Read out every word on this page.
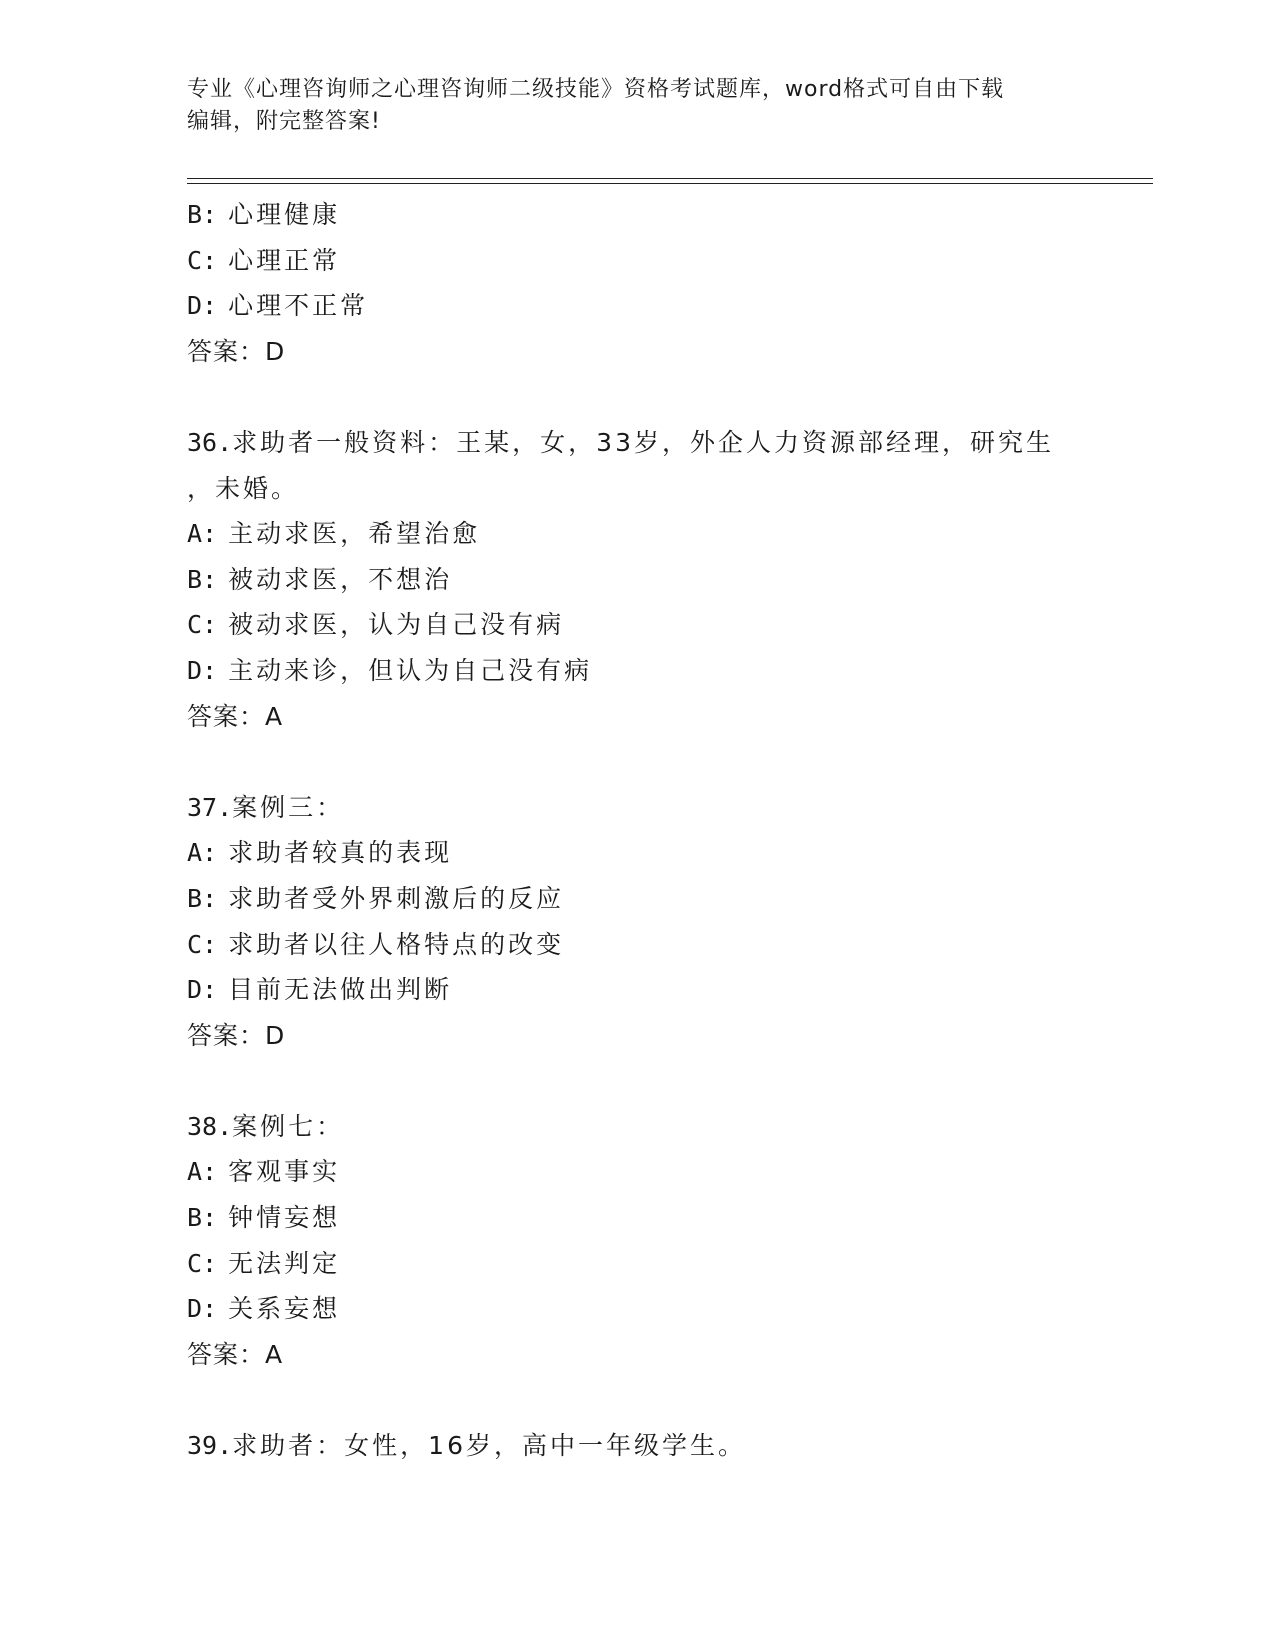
专业《心理咨询师之心理咨询师二级技能》资格考试题库，word格式可自由下载
编辑，附完整答案!
B: 心理健康
C: 心理正常
D: 心理不正常
答案：D
36.求助者一般资料：王某，女，33岁，外企人力资源部经理，研究生
，未婚。
A: 主动求医，希望治愈
B: 被动求医，不想治
C: 被动求医，认为自己没有病
D: 主动来诊，但认为自己没有病
答案：A
37.案例三：
A: 求助者较真的表现
B: 求助者受外界刺激后的反应
C: 求助者以往人格特点的改变
D: 目前无法做出判断
答案：D
38.案例七：
A: 客观事实
B: 钟情妄想
C: 无法判定
D: 关系妄想
答案：A
39.求助者：女性，16岁，高中一年级学生。
